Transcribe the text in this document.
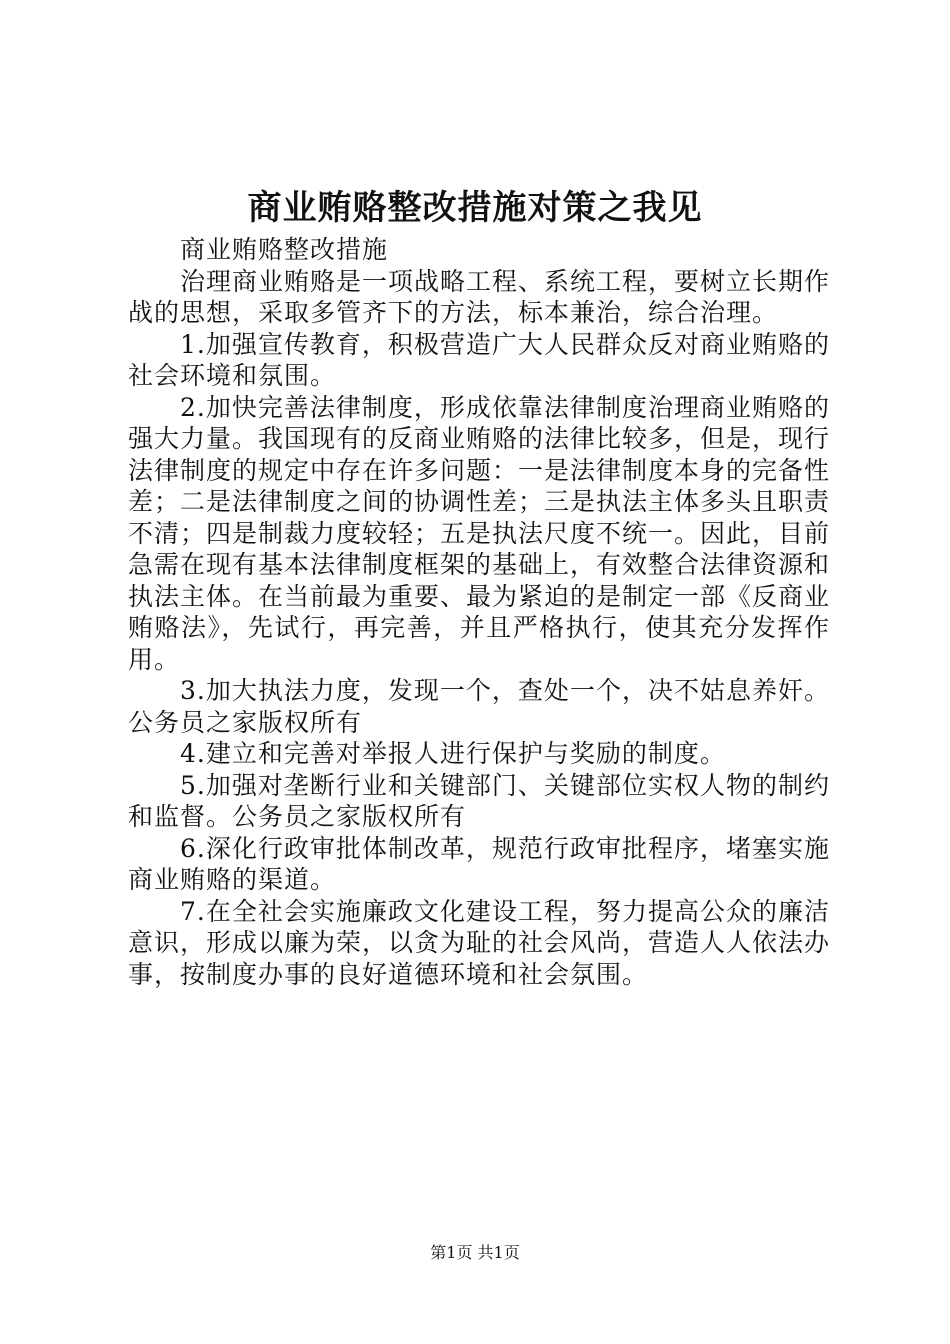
商业贿赂整改措施对策之我见

商业贿赂整改措施

治理商业贿赂是一项战略工程、系统工程，要树立长期作战的思想，采取多管齐下的方法，标本兼治，综合治理。

1.加强宣传教育，积极营造广大人民群众反对商业贿赂的社会环境和氛围。

2.加快完善法律制度，形成依靠法律制度治理商业贿赂的强大力量。我国现有的反商业贿赂的法律比较多，但是，现行法律制度的规定中存在许多问题：一是法律制度本身的完备性差；二是法律制度之间的协调性差；三是执法主体多头且职责不清；四是制裁力度较轻；五是执法尺度不统一。因此，目前急需在现有基本法律制度框架的基础上，有效整合法律资源和执法主体。在当前最为重要、最为紧迫的是制定一部《反商业贿赂法》，先试行，再完善，并且严格执行，使其充分发挥作用。

3.加大执法力度，发现一个，查处一个，决不姑息养奸。公务员之家版权所有

4.建立和完善对举报人进行保护与奖励的制度。

5.加强对垄断行业和关键部门、关键部位实权人物的制约和监督。公务员之家版权所有

6.深化行政审批体制改革，规范行政审批程序，堵塞实施商业贿赂的渠道。

7.在全社会实施廉政文化建设工程，努力提高公众的廉洁意识，形成以廉为荣，以贪为耻的社会风尚，营造人人依法办事，按制度办事的良好道德环境和社会氛围。

第1页 共1页
